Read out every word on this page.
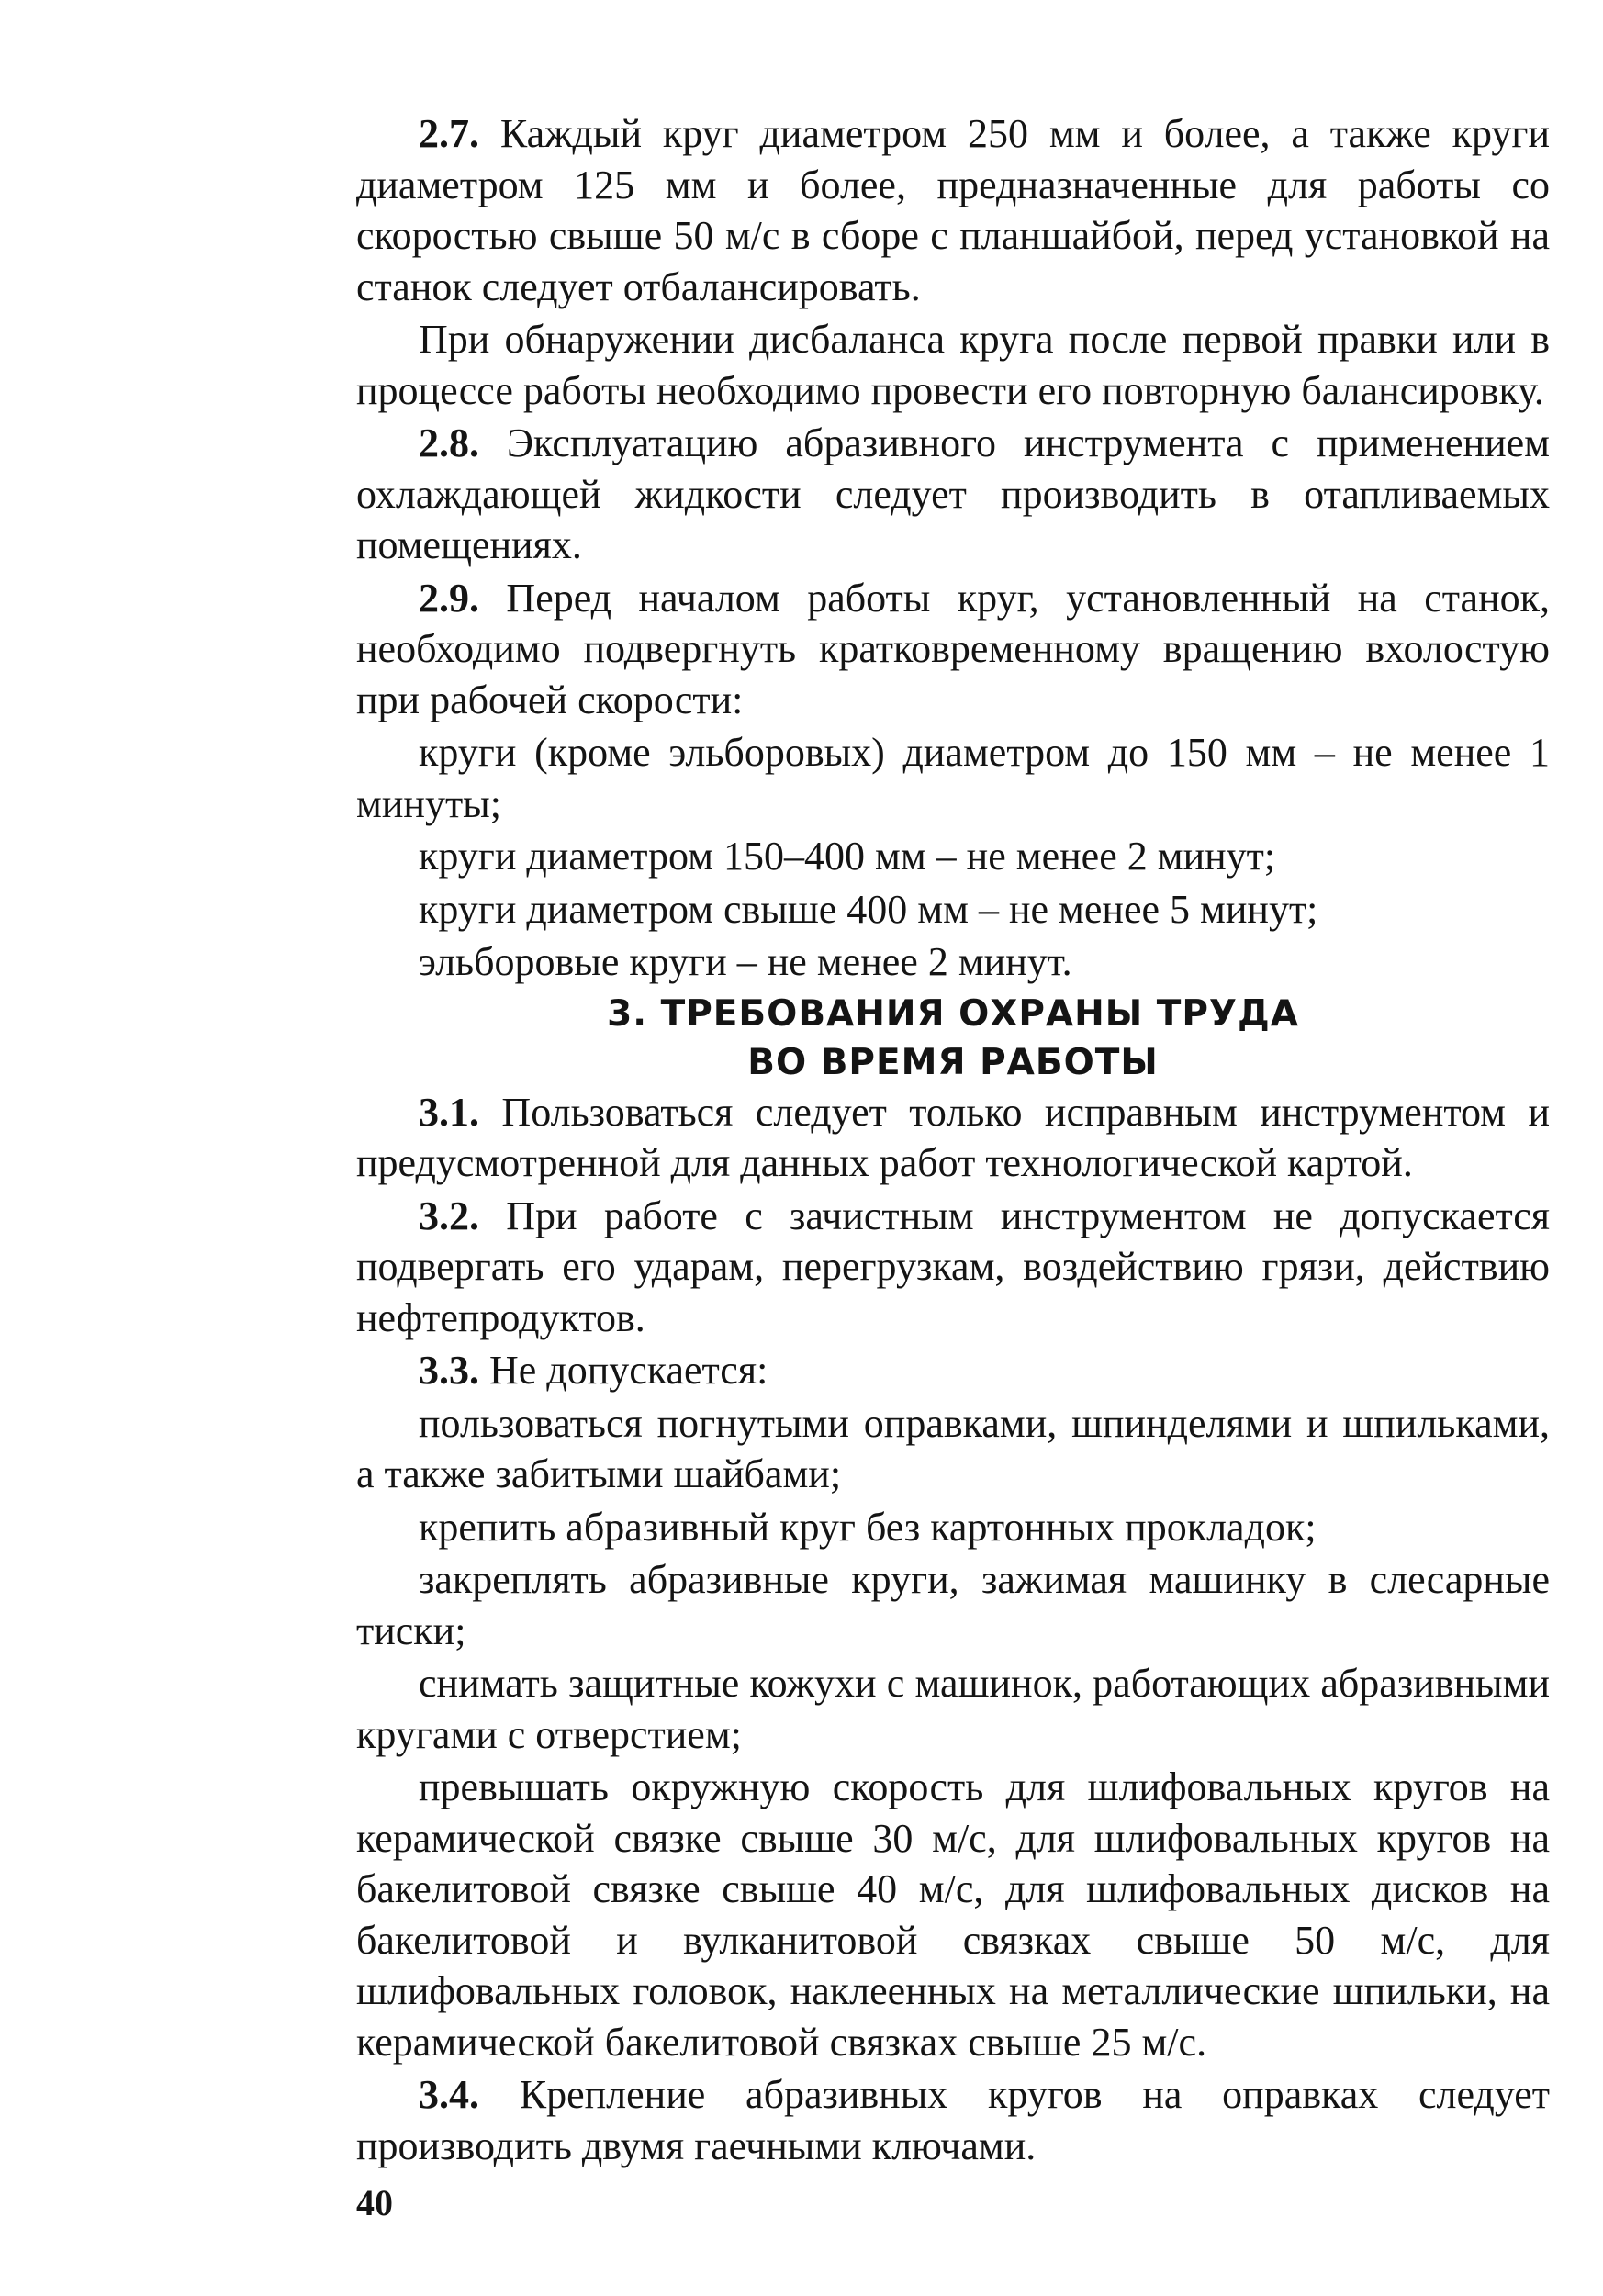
2.7. Каждый круг диаметром 250 мм и более, а также круги диаметром 125 мм и более, предназначенные для работы со скоростью свыше 50 м/с в сборе с планшайбой, перед установкой на станок следует отбалансировать.

При обнаружении дисбаланса круга после первой правки или в процессе работы необходимо провести его повторную балансировку.

2.8. Эксплуатацию абразивного инструмента с применением охлаждающей жидкости следует производить в отапливаемых помещениях.

2.9. Перед началом работы круг, установленный на станок, необходимо подвергнуть кратковременному вращению вхолостую при рабочей скорости:

круги (кроме эльборовых) диаметром до 150 мм – не менее 1 минуты;

круги диаметром 150–400 мм – не менее 2 минут;

круги диаметром свыше 400 мм – не менее 5 минут;

эльборовые круги – не менее 2 минут.

3. ТРЕБОВАНИЯ ОХРАНЫ ТРУДА
ВО ВРЕМЯ РАБОТЫ

3.1. Пользоваться следует только исправным инструментом и предусмотренной для данных работ технологической картой.

3.2. При работе с зачистным инструментом не допускается подвергать его ударам, перегрузкам, воздействию грязи, действию нефтепродуктов.

3.3. Не допускается:

пользоваться погнутыми оправками, шпинделями и шпильками, а также забитыми шайбами;

крепить абразивный круг без картонных прокладок;

закреплять абразивные круги, зажимая машинку в слесарные тиски;

снимать защитные кожухи с машинок, работающих абразивными кругами с отверстием;

превышать окружную скорость для шлифовальных кругов на керамической связке свыше 30 м/с, для шлифовальных кругов на бакелитовой связке свыше 40 м/с, для шлифовальных дисков на бакелитовой и вулканитовой связках свыше 50 м/с, для шлифовальных головок, наклеенных на металлические шпильки, на керамической бакелитовой связках свыше 25 м/с.

3.4. Крепление абразивных кругов на оправках следует производить двумя гаечными ключами.

40
